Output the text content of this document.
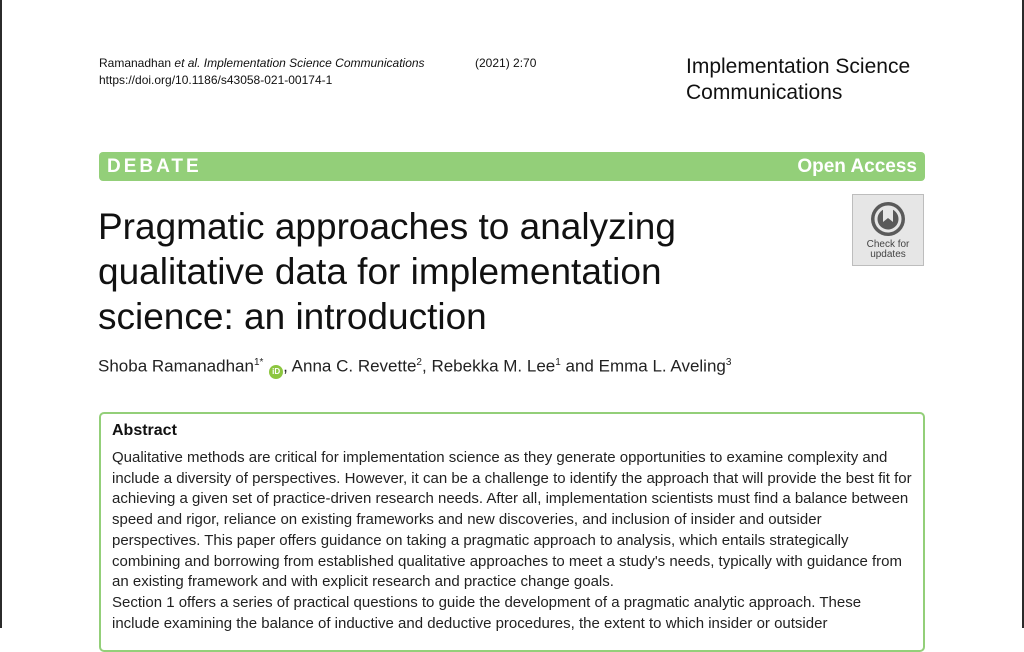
Ramanadhan et al. Implementation Science Communications	(2021) 2:70
https://doi.org/10.1186/s43058-021-00174-1
Implementation Science
Communications
DEBATE	Open Access
Pragmatic approaches to analyzing
qualitative data for implementation
science: an introduction
Check for
updates
Shoba Ramanadhan$^{1*}$ iD , Anna C. Revette$^2$, Rebekka M. Lee$^1$ and Emma L. Aveling$^3$
Abstract

Qualitative methods are critical for implementation science as they generate opportunities to examine complexity and include a diversity of perspectives. However, it can be a challenge to identify the approach that will provide the best fit for achieving a given set of practice-driven research needs. After all, implementation scientists must find a balance between speed and rigor, reliance on existing frameworks and new discoveries, and inclusion of insider and outsider perspectives. This paper offers guidance on taking a pragmatic approach to analysis, which entails strategically combining and borrowing from established qualitative approaches to meet a study's needs, typically with guidance from an existing framework and with explicit research and practice change goals.

Section 1 offers a series of practical questions to guide the development of a pragmatic analytic approach. These include examining the balance of inductive and deductive procedures, the extent to which insider or outsider
